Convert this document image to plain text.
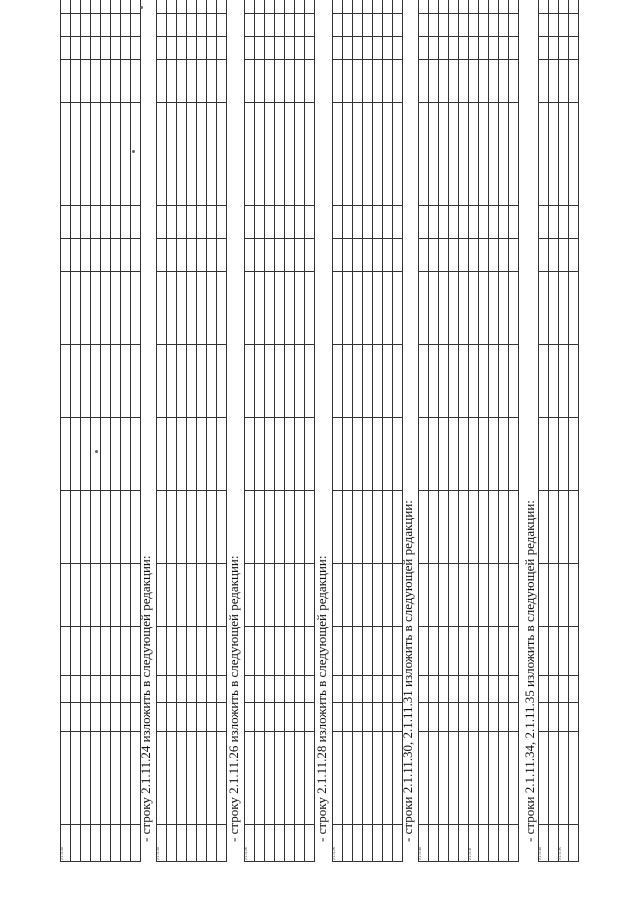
2.1.11.24																	

- строку 2.1.11.24 изложить в следующей редакции:
2.1.11.24																	

- строку 2.1.11.26 изложить в следующей редакции:
2.1.11.26																	

- строку 2.1.11.28 изложить в следующей редакции:
2.1.11.28																	

- строки 2.1.11.30, 2.1.11.31 изложить в следующей редакции:
2.1.11.30																	

2.1.11.31																	

- строки 2.1.11.34, 2.1.11.35 изложить в следующей редакции:
2.1.11.34																	

2.1.11.35																	
